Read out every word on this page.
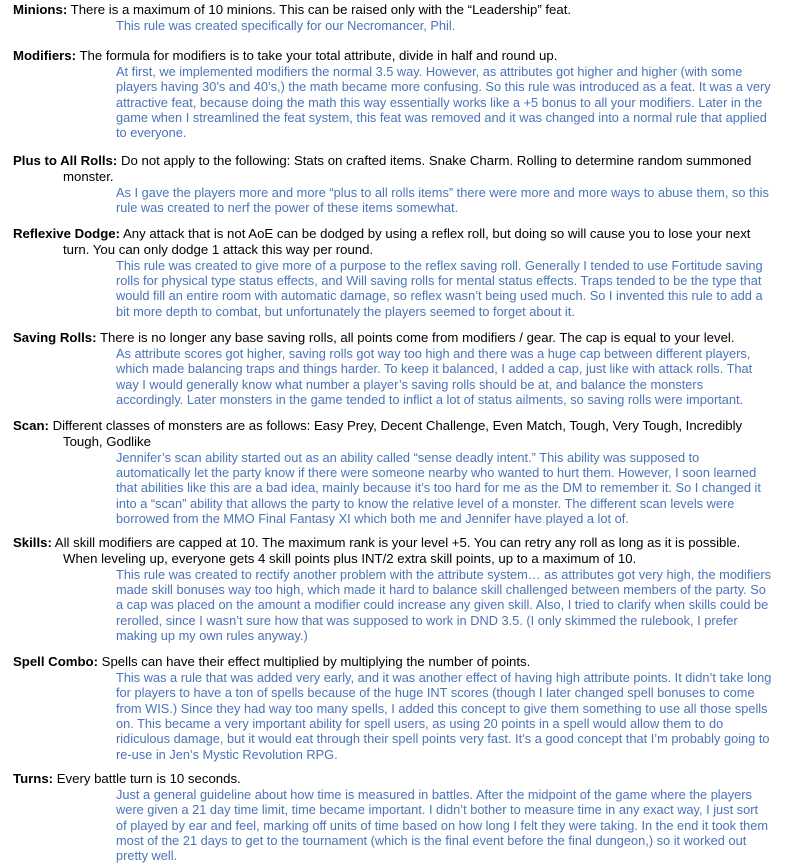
Minions: There is a maximum of 10 minions. This can be raised only with the “Leadership” feat.

This rule was created specifically for our Necromancer, Phil.

Modifiers: The formula for modifiers is to take your total attribute, divide in half and round up.

At first, we implemented modifiers the normal 3.5 way. However, as attributes got higher and higher (with some players having 30’s and 40’s,) the math became more confusing. So this rule was introduced as a feat. It was a very attractive feat, because doing the math this way essentially works like a +5 bonus to all your modifiers. Later in the game when I streamlined the feat system, this feat was removed and it was changed into a normal rule that applied to everyone.

Plus to All Rolls: Do not apply to the following: Stats on crafted items. Snake Charm. Rolling to determine random summoned monster.

As I gave the players more and more “plus to all rolls items” there were more and more ways to abuse them, so this rule was created to nerf the power of these items somewhat.

Reflexive Dodge: Any attack that is not AoE can be dodged by using a reflex roll, but doing so will cause you to lose your next turn. You can only dodge 1 attack this way per round.

This rule was created to give more of a purpose to the reflex saving roll. Generally I tended to use Fortitude saving rolls for physical type status effects, and Will saving rolls for mental status effects. Traps tended to be the type that would fill an entire room with automatic damage, so reflex wasn’t being used much. So I invented this rule to add a bit more depth to combat, but unfortunately the players seemed to forget about it.

Saving Rolls: There is no longer any base saving rolls, all points come from modifiers / gear. The cap is equal to your level.

As attribute scores got higher, saving rolls got way too high and there was a huge cap between different players, which made balancing traps and things harder. To keep it balanced, I added a cap, just like with attack rolls. That way I would generally know what number a player’s saving rolls should be at, and balance the monsters accordingly. Later monsters in the game tended to inflict a lot of status ailments, so saving rolls were important.

Scan: Different classes of monsters are as follows: Easy Prey, Decent Challenge, Even Match, Tough, Very Tough, Incredibly Tough, Godlike

Jennifer’s scan ability started out as an ability called “sense deadly intent.” This ability was supposed to automatically let the party know if there were someone nearby who wanted to hurt them. However, I soon learned that abilities like this are a bad idea, mainly because it’s too hard for me as the DM to remember it. So I changed it into a “scan” ability that allows the party to know the relative level of a monster. The different scan levels were borrowed from the MMO Final Fantasy XI which both me and Jennifer have played a lot of.

Skills: All skill modifiers are capped at 10. The maximum rank is your level +5. You can retry any roll as long as it is possible. When leveling up, everyone gets 4 skill points plus INT/2 extra skill points, up to a maximum of 10.

This rule was created to rectify another problem with the attribute system… as attributes got very high, the modifiers made skill bonuses way too high, which made it hard to balance skill challenged between members of the party. So a cap was placed on the amount a modifier could increase any given skill. Also, I tried to clarify when skills could be rerolled, since I wasn’t sure how that was supposed to work in DND 3.5. (I only skimmed the rulebook, I prefer making up my own rules anyway.)

Spell Combo: Spells can have their effect multiplied by multiplying the number of points.

This was a rule that was added very early, and it was another effect of having high attribute points. It didn’t take long for players to have a ton of spells because of the huge INT scores (though I later changed spell bonuses to come from WIS.) Since they had way too many spells, I added this concept to give them something to use all those spells on. This became a very important ability for spell users, as using 20 points in a spell would allow them to do ridiculous damage, but it would eat through their spell points very fast. It’s a good concept that I’m probably going to re-use in Jen’s Mystic Revolution RPG.

Turns: Every battle turn is 10 seconds.

Just a general guideline about how time is measured in battles. After the midpoint of the game where the players were given a 21 day time limit, time became important. I didn’t bother to measure time in any exact way, I just sort of played by ear and feel, marking off units of time based on how long I felt they were taking. In the end it took them most of the 21 days to get to the tournament (which is the final event before the final dungeon,) so it worked out pretty well.
